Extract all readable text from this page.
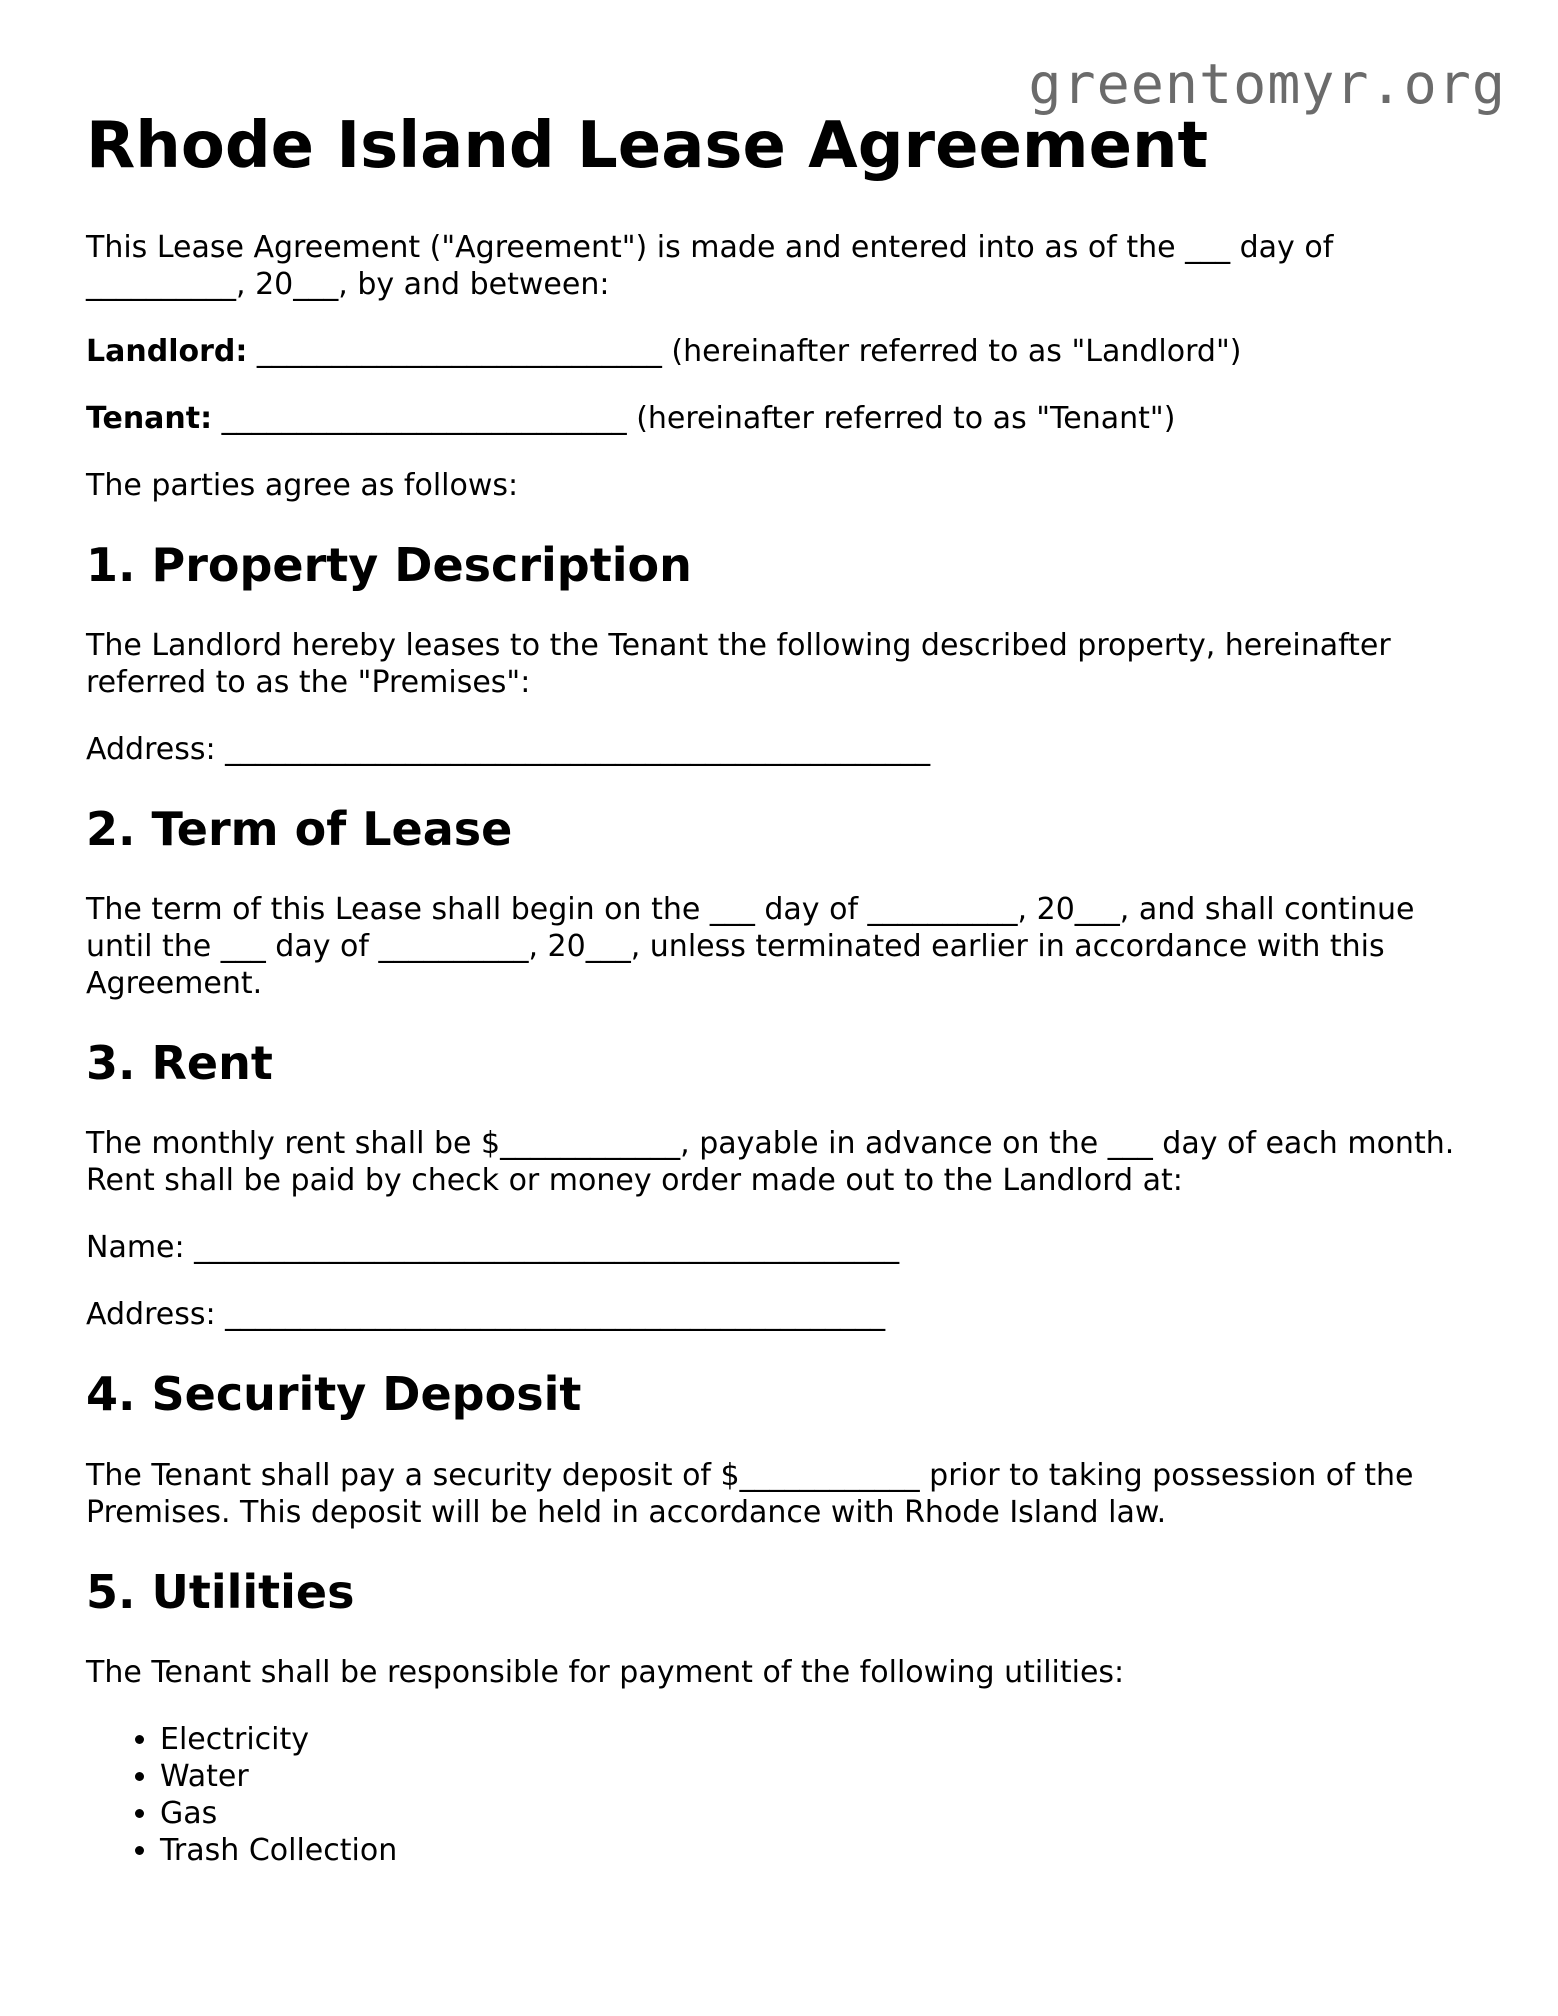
greentomyr.org
Rhode Island Lease Agreement

This Lease Agreement ("Agreement") is made and entered into as of the ___ day of __________, 20___, by and between:

Landlord: ___________________________ (hereinafter referred to as "Landlord")

Tenant: ___________________________ (hereinafter referred to as "Tenant")

The parties agree as follows:

1. Property Description

The Landlord hereby leases to the Tenant the following described property, hereinafter referred to as the "Premises":

Address: _______________________________________________

2. Term of Lease

The term of this Lease shall begin on the ___ day of __________, 20___, and shall continue until the ___ day of __________, 20___, unless terminated earlier in accordance with this Agreement.

3. Rent

The monthly rent shall be $____________, payable in advance on the ___ day of each month. Rent shall be paid by check or money order made out to the Landlord at:

Name: _______________________________________________

Address: ____________________________________________

4. Security Deposit

The Tenant shall pay a security deposit of $____________ prior to taking possession of the Premises. This deposit will be held in accordance with Rhode Island law.

5. Utilities

The Tenant shall be responsible for payment of the following utilities:

• Electricity
• Water
• Gas
• Trash Collection
